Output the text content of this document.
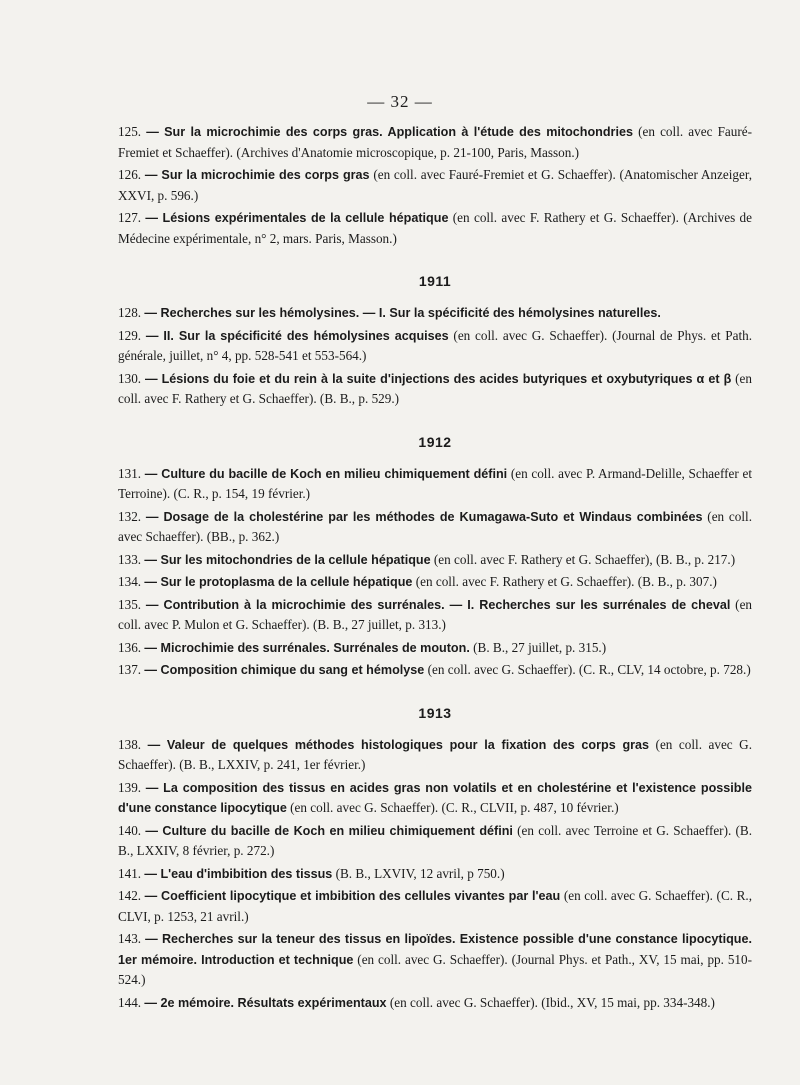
— 32 —

125. — Sur la microchimie des corps gras. Application à l'étude des mitochondries (en coll. avec Fauré-Fremiet et Schaeffer). (Archives d'Anatomie microscopique, p. 21-100, Paris, Masson.)

126. — Sur la microchimie des corps gras (en coll. avec Fauré-Fremiet et G. Schaeffer). (Anatomischer Anzeiger, XXVI, p. 596.)

127. — Lésions expérimentales de la cellule hépatique (en coll. avec F. Rathery et G. Schaeffer). (Archives de Médecine expérimentale, n° 2, mars. Paris, Masson.)

1911

128. — Recherches sur les hémolysines. — I. Sur la spécificité des hémolysines naturelles.

129. — II. Sur la spécificité des hémolysines acquises (en coll. avec G. Schaeffer). (Journal de Phys. et Path. générale, juillet, n° 4, pp. 528-541 et 553-564.)

130. — Lésions du foie et du rein à la suite d'injections des acides butyriques et oxybutyriques α et β (en coll. avec F. Rathery et G. Schaeffer). (B. B., p. 529.)

1912

131. — Culture du bacille de Koch en milieu chimiquement défini (en coll. avec P. Armand-Delille, Schaeffer et Terroine). (C. R., p. 154, 19 février.)

132. — Dosage de la cholestérine par les méthodes de Kumagawa-Suto et Windaus combinées (en coll. avec Schaeffer). (BB., p. 362.)

133. — Sur les mitochondries de la cellule hépatique (en coll. avec F. Rathery et G. Schaeffer), (B. B., p. 217.)

134. — Sur le protoplasma de la cellule hépatique (en coll. avec F. Rathery et G. Schaeffer). (B. B., p. 307.)

135. — Contribution à la microchimie des surrénales. — I. Recherches sur les surrénales de cheval (en coll. avec P. Mulon et G. Schaeffer). (B. B., 27 juillet, p. 313.)

136. — Microchimie des surrénales. Surrénales de mouton. (B. B., 27 juillet, p. 315.)

137. — Composition chimique du sang et hémolyse (en coll. avec G. Schaeffer). (C. R., CLV, 14 octobre, p. 728.)

1913

138. — Valeur de quelques méthodes histologiques pour la fixation des corps gras (en coll. avec G. Schaeffer). (B. B., LXXIV, p. 241, 1er février.)

139. — La composition des tissus en acides gras non volatils et en cholestérine et l'existence possible d'une constance lipocytique (en coll. avec G. Schaeffer). (C. R., CLVII, p. 487, 10 février.)

140. — Culture du bacille de Koch en milieu chimiquement défini (en coll. avec Terroine et G. Schaeffer). (B. B., LXXIV, 8 février, p. 272.)

141. — L'eau d'imbibition des tissus (B. B., LXVIV, 12 avril, p 750.)

142. — Coefficient lipocytique et imbibition des cellules vivantes par l'eau (en coll. avec G. Schaeffer). (C. R., CLVI, p. 1253, 21 avril.)

143. — Recherches sur la teneur des tissus en lipoïdes. Existence possible d'une constance lipocytique. 1er mémoire. Introduction et technique (en coll. avec G. Schaeffer). (Journal Phys. et Path., XV, 15 mai, pp. 510-524.)

144. — 2e mémoire. Résultats expérimentaux (en coll. avec G. Schaeffer). (Ibid., XV, 15 mai, pp. 334-348.)
